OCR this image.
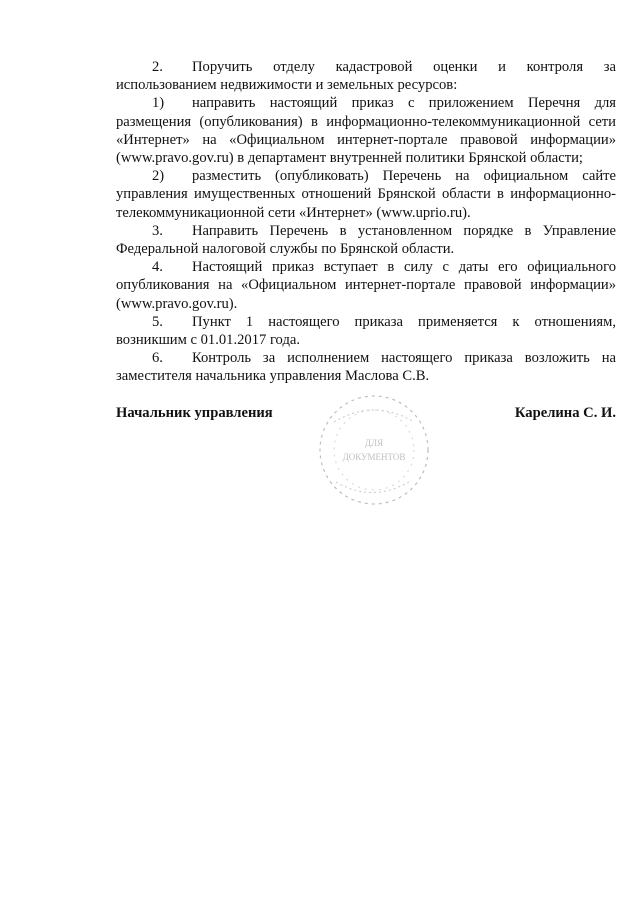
2. Поручить отделу кадастровой оценки и контроля за использованием недвижимости и земельных ресурсов:

1) направить настоящий приказ с приложением Перечня для размещения (опубликования) в информационно-телекоммуникационной сети «Интернет» на «Официальном интернет-портале правовой информации» (www.pravo.gov.ru) в департамент внутренней политики Брянской области;

2) разместить (опубликовать) Перечень на официальном сайте управления имущественных отношений Брянской области в информационно-телекоммуникационной сети «Интернет» (www.uprio.ru).

3. Направить Перечень в установленном порядке в Управление Федеральной налоговой службы по Брянской области.

4. Настоящий приказ вступает в силу с даты его официального опубликования на «Официальном интернет-портале правовой информации» (www.pravo.gov.ru).

5. Пункт 1 настоящего приказа применяется к отношениям, возникшим с 01.01.2017 года.

6. Контроль за исполнением настоящего приказа возложить на заместителя начальника управления Маслова С.В.

Начальник управления	Карелина С. И.
ДЛЯ
ДОКУМЕНТОВ
